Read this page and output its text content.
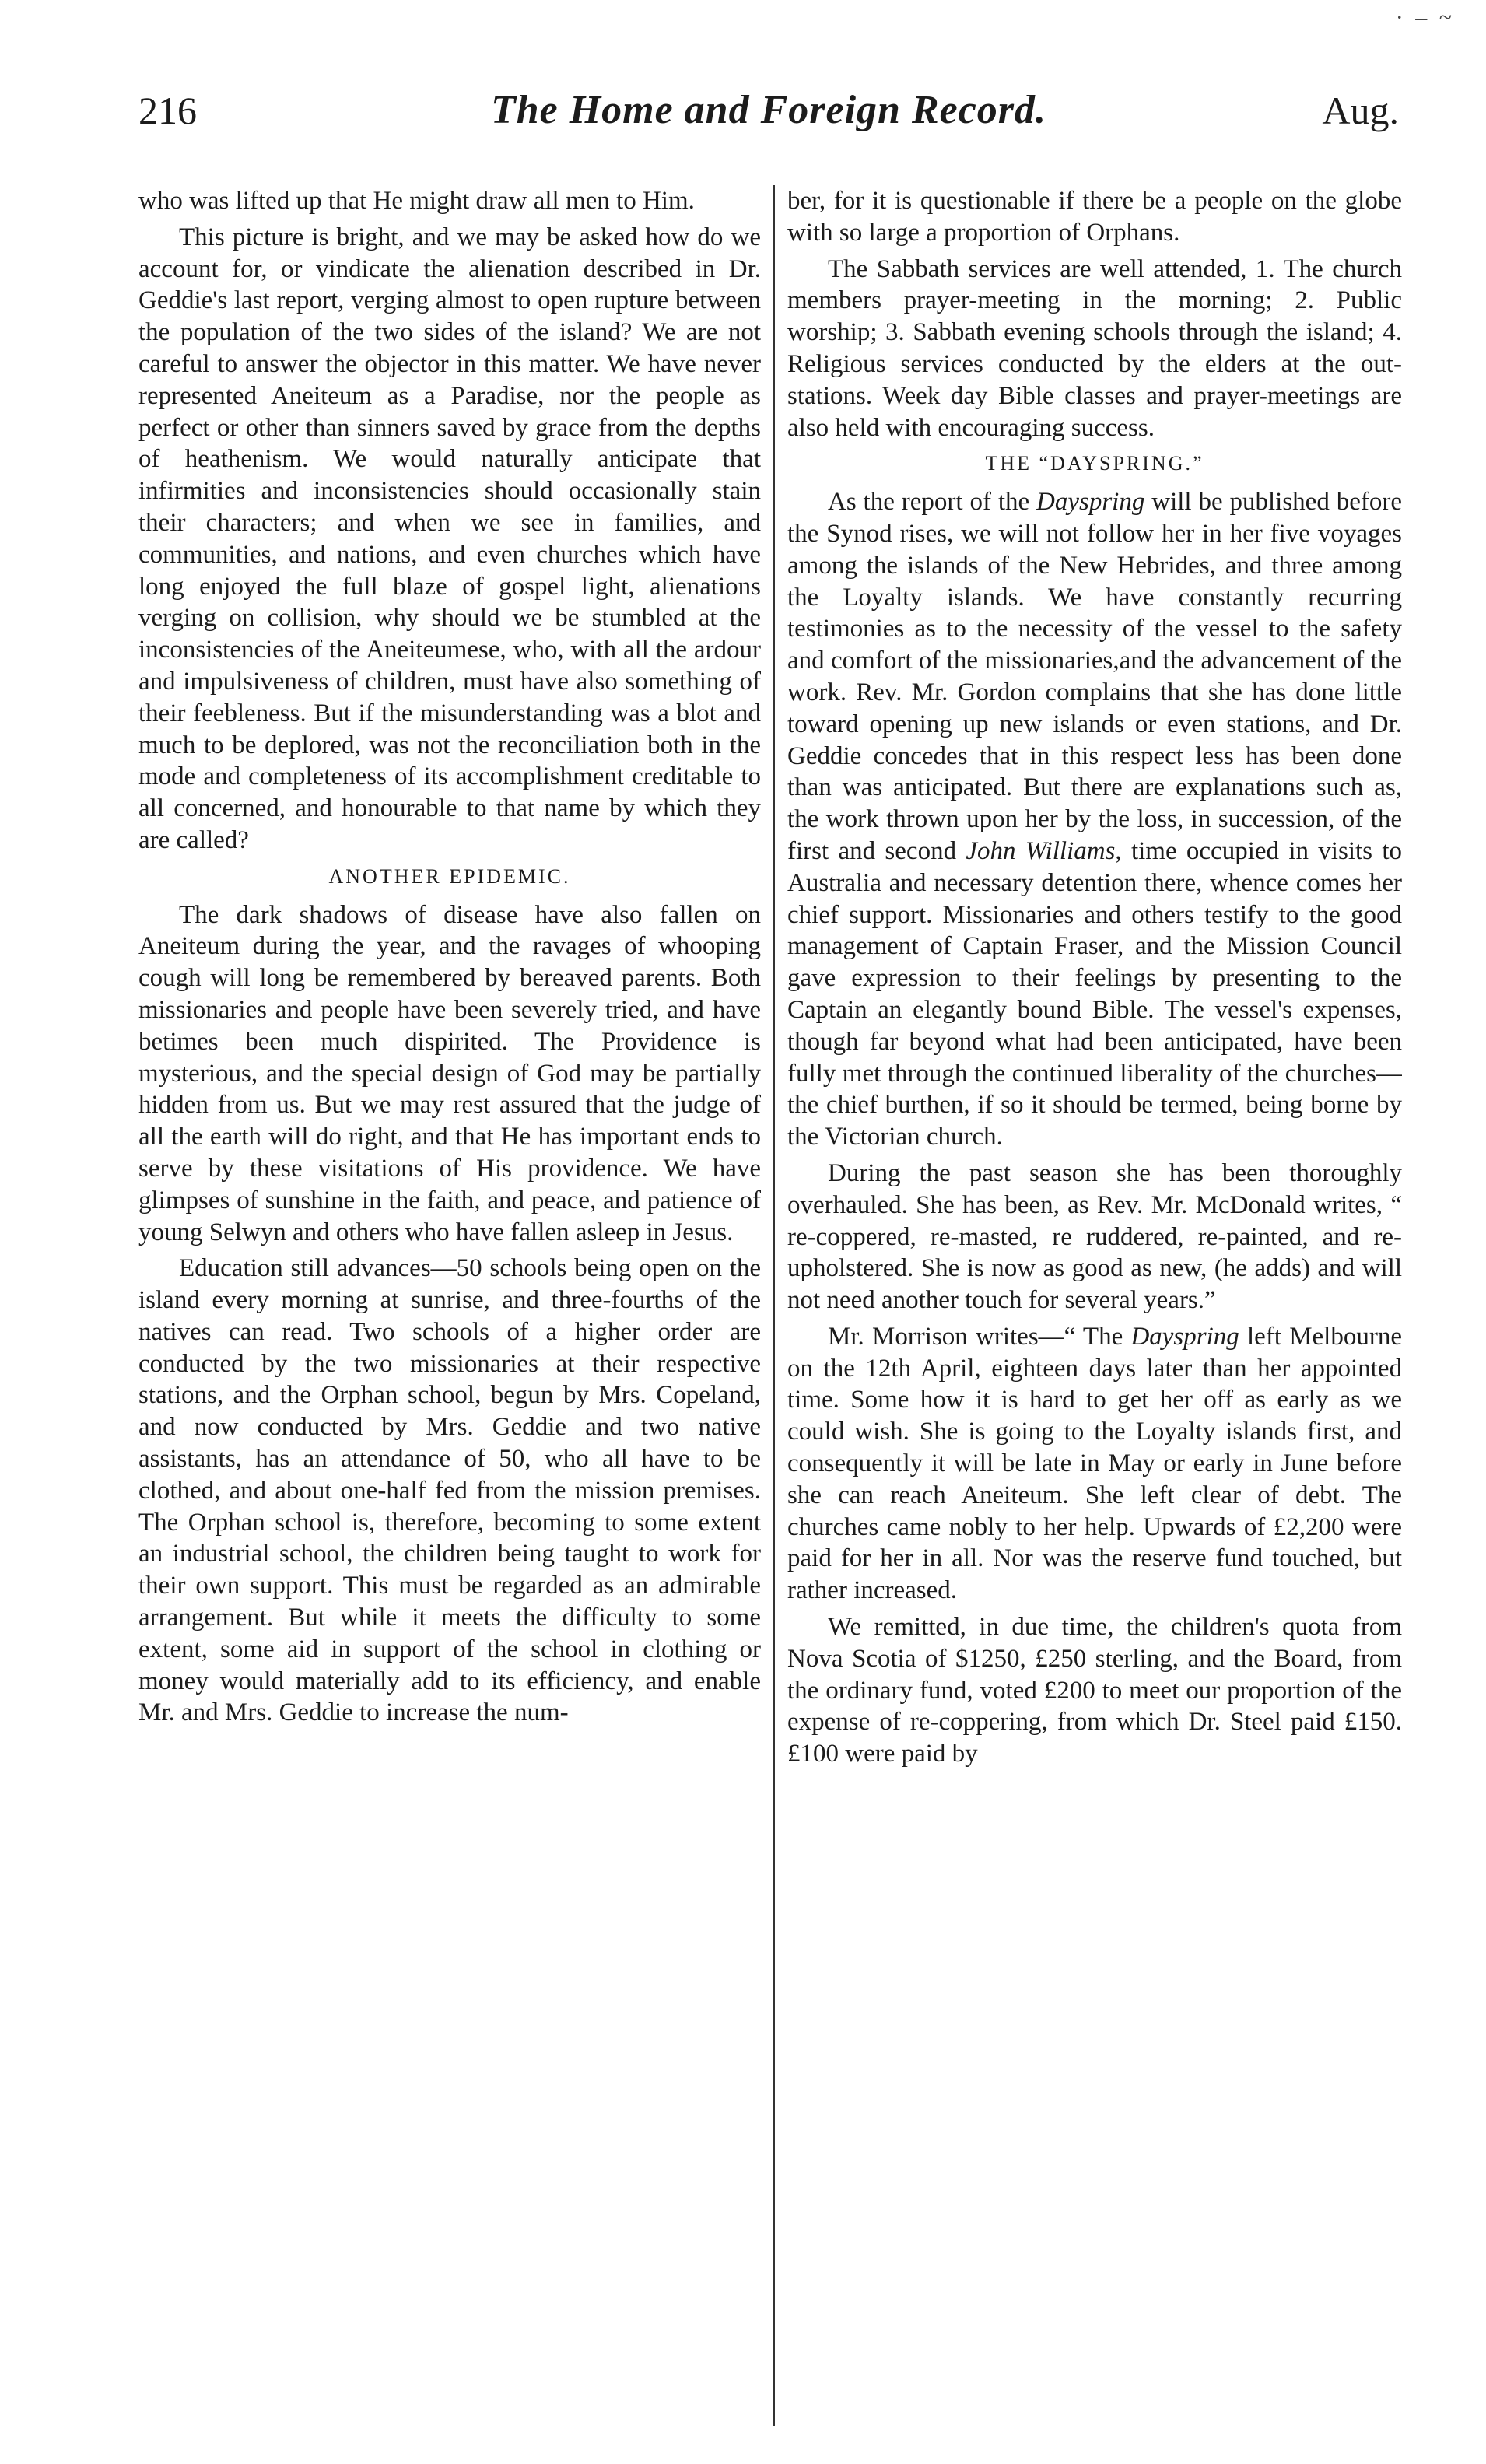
· – ~
216	The Home and Foreign Record.	Aug.

who was lifted up that He might draw all men to Him.

This picture is bright, and we may be asked how do we account for, or vindicate the alienation described in Dr. Geddie's last report, verging almost to open rupture between the population of the two sides of the island? We are not careful to answer the objector in this matter. We have never represented Aneiteum as a Paradise, nor the people as perfect or other than sinners saved by grace from the depths of heathenism. We would naturally anticipate that infirmities and inconsistencies should occasionally stain their characters; and when we see in families, and communities, and nations, and even churches which have long enjoyed the full blaze of gospel light, alienations verging on collision, why should we be stumbled at the inconsistencies of the Aneiteumese, who, with all the ardour and impulsiveness of children, must have also something of their feebleness. But if the misunderstanding was a blot and much to be deplored, was not the reconciliation both in the mode and completeness of its accomplishment creditable to all concerned, and honourable to that name by which they are called?

ANOTHER EPIDEMIC.

The dark shadows of disease have also fallen on Aneiteum during the year, and the ravages of whooping cough will long be remembered by bereaved parents. Both missionaries and people have been severely tried, and have betimes been much dispirited. The Providence is mysterious, and the special design of God may be partially hidden from us. But we may rest assured that the judge of all the earth will do right, and that He has important ends to serve by these visitations of His providence. We have glimpses of sunshine in the faith, and peace, and patience of young Selwyn and others who have fallen asleep in Jesus.

Education still advances—50 schools being open on the island every morning at sunrise, and three-fourths of the natives can read. Two schools of a higher order are conducted by the two missionaries at their respective stations, and the Orphan school, begun by Mrs. Copeland, and now conducted by Mrs. Geddie and two native assistants, has an attendance of 50, who all have to be clothed, and about one-half fed from the mission premises. The Orphan school is, therefore, becoming to some extent an industrial school, the children being taught to work for their own support. This must be regarded as an admirable arrangement. But while it meets the difficulty to some extent, some aid in support of the school in clothing or money would materially add to its efficiency, and enable Mr. and Mrs. Geddie to increase the num-

ber, for it is questionable if there be a people on the globe with so large a proportion of Orphans.

The Sabbath services are well attended, 1. The church members prayer-meeting in the morning; 2. Public worship; 3. Sabbath evening schools through the island; 4. Religious services conducted by the elders at the out-stations. Week day Bible classes and prayer-meetings are also held with encouraging success.

THE “DAYSPRING.”

As the report of the Dayspring will be published before the Synod rises, we will not follow her in her five voyages among the islands of the New Hebrides, and three among the Loyalty islands. We have constantly recurring testimonies as to the necessity of the vessel to the safety and comfort of the missionaries,and the advancement of the work. Rev. Mr. Gordon complains that she has done little toward opening up new islands or even stations, and Dr. Geddie concedes that in this respect less has been done than was anticipated. But there are explanations such as, the work thrown upon her by the loss, in succession, of the first and second John Williams, time occupied in visits to Australia and necessary detention there, whence comes her chief support. Missionaries and others testify to the good management of Captain Fraser, and the Mission Council gave expression to their feelings by presenting to the Captain an elegantly bound Bible. The vessel's expenses, though far beyond what had been anticipated, have been fully met through the continued liberality of the churches—the chief burthen, if so it should be termed, being borne by the Victorian church.

During the past season she has been thoroughly overhauled. She has been, as Rev. Mr. McDonald writes, “ re-coppered, re-masted, re ruddered, re-painted, and re-upholstered. She is now as good as new, (he adds) and will not need another touch for several years.”

Mr. Morrison writes—“ The Dayspring left Melbourne on the 12th April, eighteen days later than her appointed time. Some how it is hard to get her off as early as we could wish. She is going to the Loyalty islands first, and consequently it will be late in May or early in June before she can reach Aneiteum. She left clear of debt. The churches came nobly to her help. Upwards of £2,200 were paid for her in all. Nor was the reserve fund touched, but rather increased.

We remitted, in due time, the children's quota from Nova Scotia of $1250, £250 sterling, and the Board, from the ordinary fund, voted £200 to meet our proportion of the expense of re-coppering, from which Dr. Steel paid £150. £100 were paid by
